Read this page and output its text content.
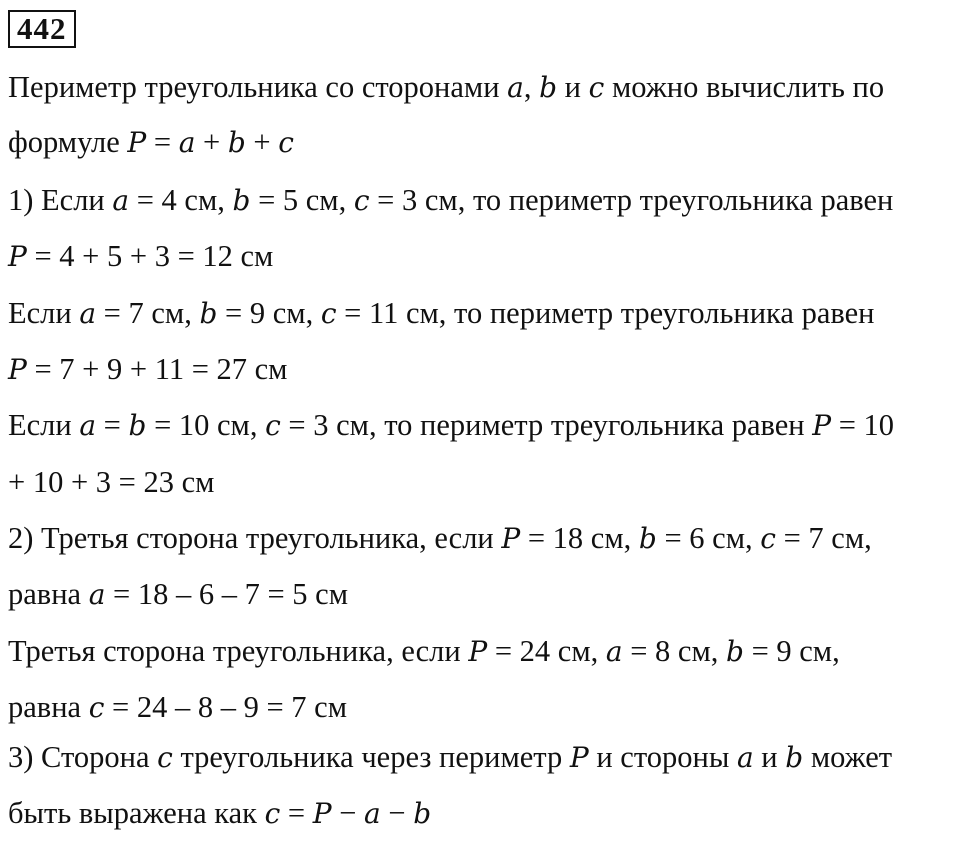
442
Периметр треугольника со сторонами a, b и c можно вычислить по
формуле P = a + b + c
1) Если a = 4 см, b = 5 см, c = 3 см, то периметр треугольника равен
P = 4 + 5 + 3 = 12 см
Если a = 7 см, b = 9 см, c = 11 см, то периметр треугольника равен
P = 7 + 9 + 11 = 27 см
Если a = b = 10 см, c = 3 см, то периметр треугольника равен P = 10
+ 10 + 3 = 23 см
2) Третья сторона треугольника, если P = 18 см, b = 6 см, c = 7 см,
равна a = 18 – 6 – 7 = 5 см
Третья сторона треугольника, если P = 24 см, a = 8 см, b = 9 см,
равна c = 24 – 8 – 9 = 7 см
3) Сторона c треугольника через периметр P и стороны a и b может
быть выражена как c = P − a − b
